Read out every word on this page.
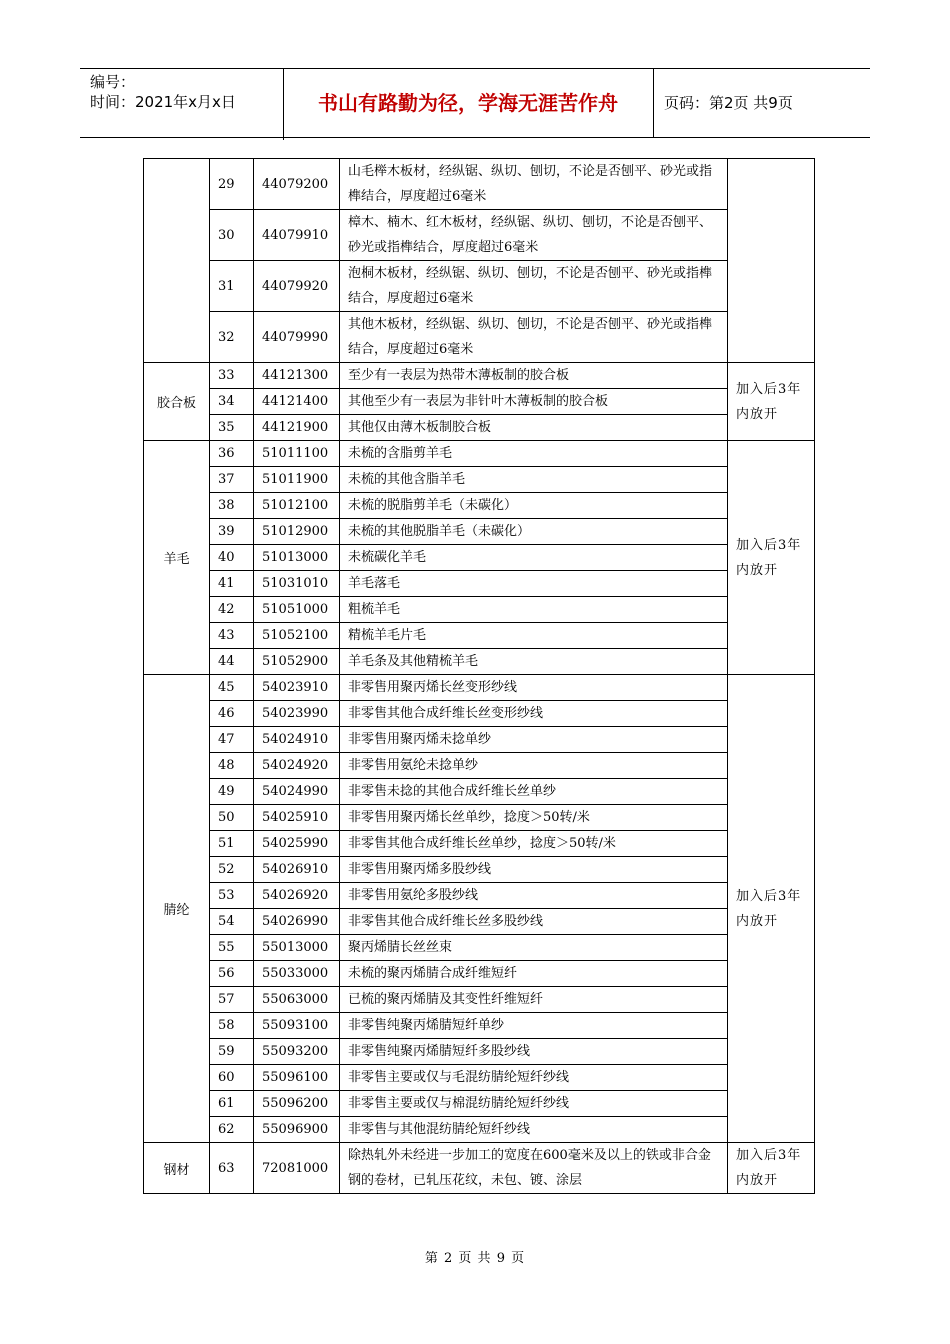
编号：
时间：2021年x月x日	书山有路勤为径，学海无涯苦作舟	页码：第2页 共9页
	29	44079200	山毛榉木板材，经纵锯、纵切、刨切，不论是否刨平、砂光或指榫结合，厚度超过6毫米	
	30	44079910	樟木、楠木、红木板材，经纵锯、纵切、刨切，不论是否刨平、砂光或指榫结合，厚度超过6毫米	
	31	44079920	泡桐木板材，经纵锯、纵切、刨切，不论是否刨平、砂光或指榫结合，厚度超过6毫米	
	32	44079990	其他木板材，经纵锯、纵切、刨切，不论是否刨平、砂光或指榫结合，厚度超过6毫米	
胶合板	33	44121300	至少有一表层为热带木薄板制的胶合板	加入后3年内放开
	34	44121400	其他至少有一表层为非针叶木薄板制的胶合板	
	35	44121900	其他仅由薄木板制胶合板	
羊毛	36	51011100	未梳的含脂剪羊毛	加入后3年内放开
	37	51011900	未梳的其他含脂羊毛	
	38	51012100	未梳的脱脂剪羊毛（未碳化）	
	39	51012900	未梳的其他脱脂羊毛（未碳化）	
	40	51013000	未梳碳化羊毛	
	41	51031010	羊毛落毛	
	42	51051000	粗梳羊毛	
	43	51052100	精梳羊毛片毛	
	44	51052900	羊毛条及其他精梳羊毛	
腈纶	45	54023910	非零售用聚丙烯长丝变形纱线	加入后3年内放开
	46	54023990	非零售其他合成纤维长丝变形纱线	
	47	54024910	非零售用聚丙烯未捻单纱	
	48	54024920	非零售用氨纶未捻单纱	
	49	54024990	非零售未捻的其他合成纤维长丝单纱	
	50	54025910	非零售用聚丙烯长丝单纱，捻度＞50转/米	
	51	54025990	非零售其他合成纤维长丝单纱，捻度＞50转/米	
	52	54026910	非零售用聚丙烯多股纱线	
	53	54026920	非零售用氨纶多股纱线	
	54	54026990	非零售其他合成纤维长丝多股纱线	
	55	55013000	聚丙烯腈长丝丝束	
	56	55033000	未梳的聚丙烯腈合成纤维短纤	
	57	55063000	已梳的聚丙烯腈及其变性纤维短纤	
	58	55093100	非零售纯聚丙烯腈短纤单纱	
	59	55093200	非零售纯聚丙烯腈短纤多股纱线	
	60	55096100	非零售主要或仅与毛混纺腈纶短纤纱线	
	61	55096200	非零售主要或仅与棉混纺腈纶短纤纱线	
	62	55096900	非零售与其他混纺腈纶短纤纱线	
钢材	63	72081000	除热轧外未经进一步加工的宽度在600毫米及以上的铁或非合金钢的卷材，已轧压花纹，未包、镀、涂层	加入后3年内放开
第 2 页 共 9 页
